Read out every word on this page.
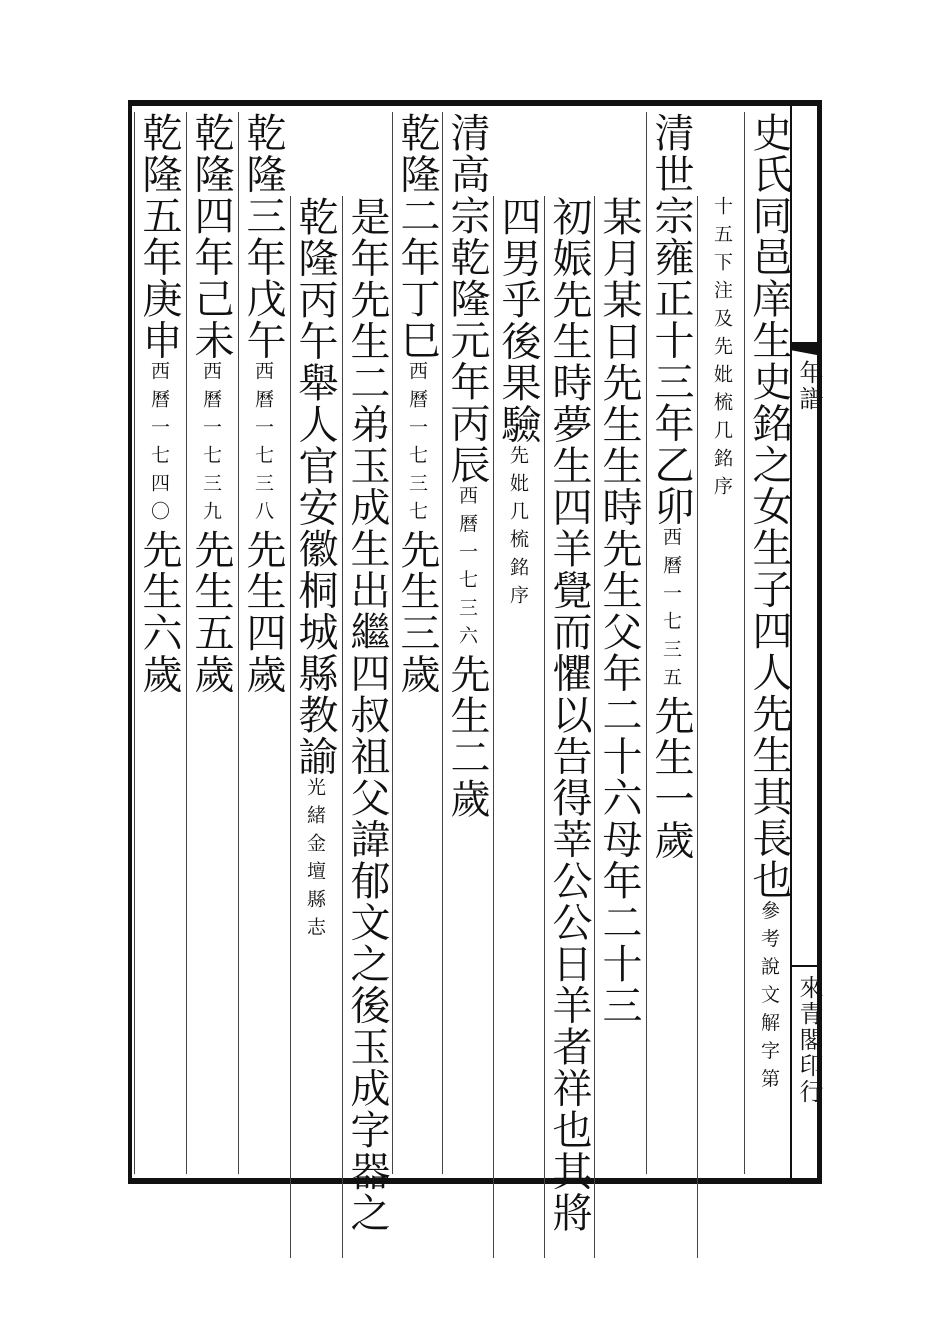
年譜
來青閣印行
史氏同邑庠生史銘之女生子四人先生其長也參考說文解字第
十五下注及先妣梳几銘序
清世宗雍正十三年乙卯西曆一七三五先生一歲
某月某日先生生時先生父年二十六母年二十三
初娠先生時夢生四羊覺而懼以告得莘公公日羊者祥也其將
四男乎後果驗先妣几梳銘序
清高宗乾隆元年丙辰西曆一七三六先生二歲
乾隆二年丁巳西曆一七三七先生三歲
是年先生二弟玉成生出繼四叔祖父諱郁文之後玉成字器之
乾隆丙午舉人官安徽桐城縣教諭光緒金壇縣志
乾隆三年戊午西曆一七三八先生四歲
乾隆四年己未西曆一七三九先生五歲
乾隆五年庚申西曆一七四〇先生六歲
